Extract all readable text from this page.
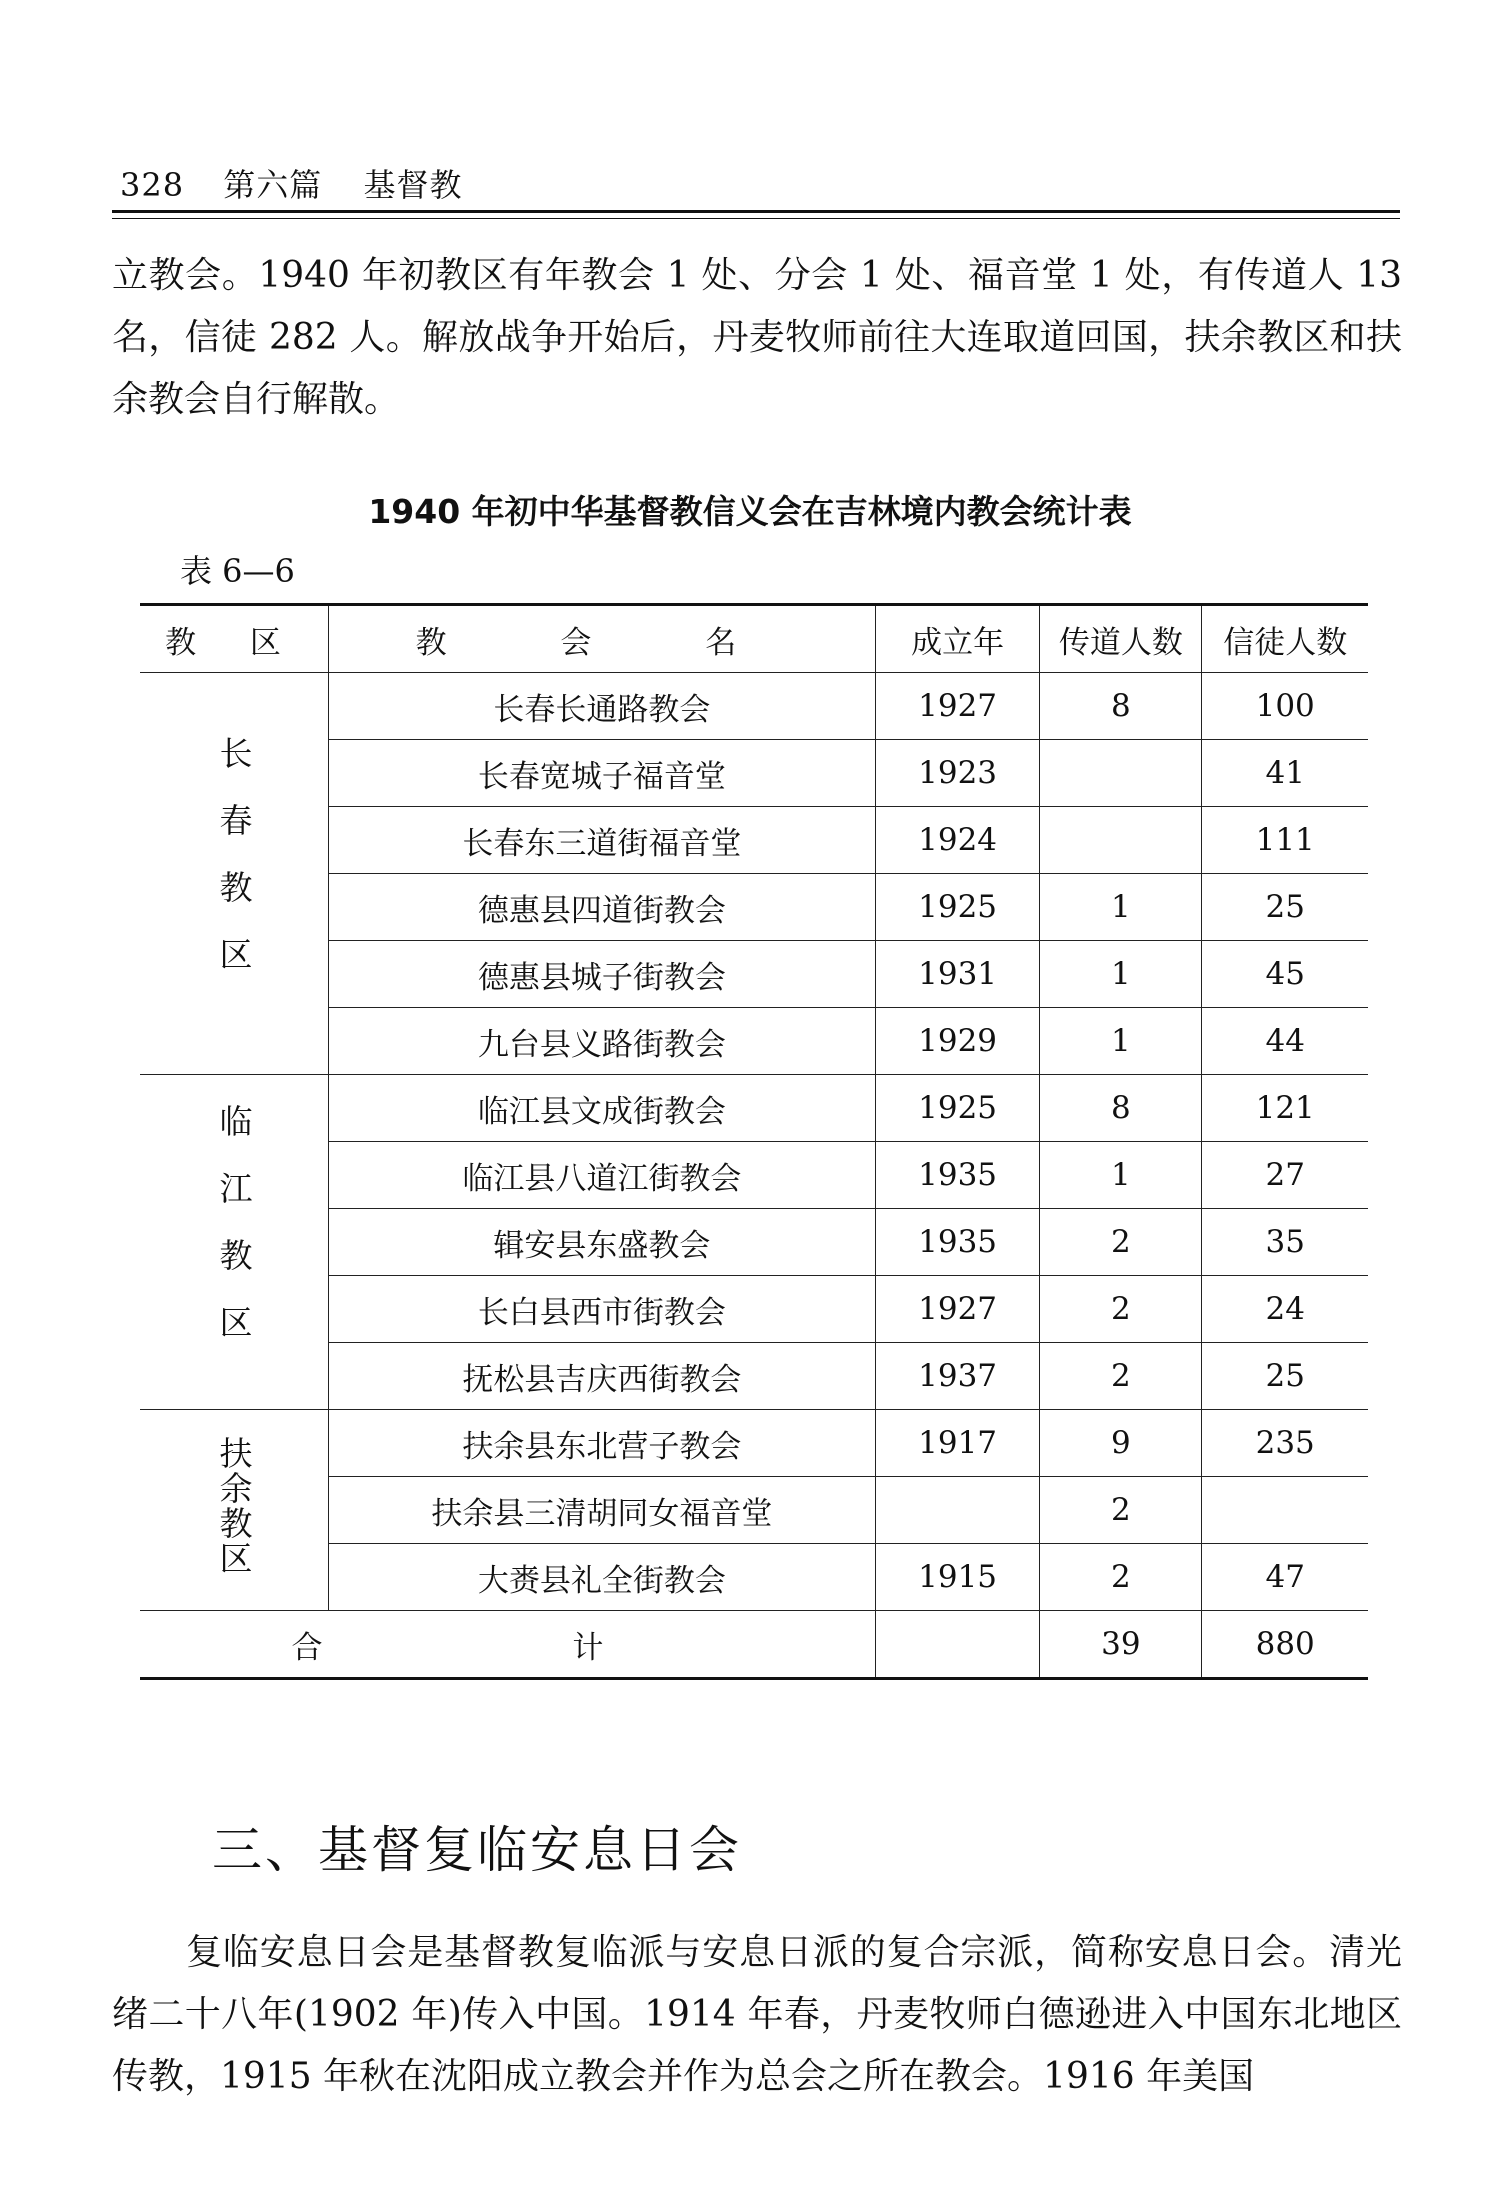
328 第六篇 基督教

立教会。1940 年初教区有年教会 1 处、分会 1 处、福音堂 1 处，有传道人 13 名，信徒 282 人。解放战争开始后，丹麦牧师前往大连取道回国，扶余教区和扶余教会自行解散。

1940 年初中华基督教信义会在吉林境内教会统计表
表 6—6
教 区	教 会 名	成立年	传道人数	信徒人数
长春教区	长春长通路教会	1927	8	100
	长春宽城子福音堂	1923		41
	长春东三道街福音堂	1924		111
	德惠县四道街教会	1925	1	25
	德惠县城子街教会	1931	1	45
	九台县义路街教会	1929	1	44
临江教区	临江县文成街教会	1925	8	121
	临江县八道江街教会	1935	1	27
	辑安县东盛教会	1935	2	35
	长白县西市街教会	1927	2	24
	抚松县吉庆西街教会	1937	2	25
扶余教区	扶余县东北营子教会	1917	9	235
	扶余县三清胡同女福音堂		2	
	大赉县礼全街教会	1915	2	47
合 计			39	880
三、基督复临安息日会

复临安息日会是基督教复临派与安息日派的复合宗派，简称安息日会。清光绪二十八年(1902 年)传入中国。1914 年春，丹麦牧师白德逊进入中国东北地区传教，1915 年秋在沈阳成立教会并作为总会之所在教会。1916 年美国
